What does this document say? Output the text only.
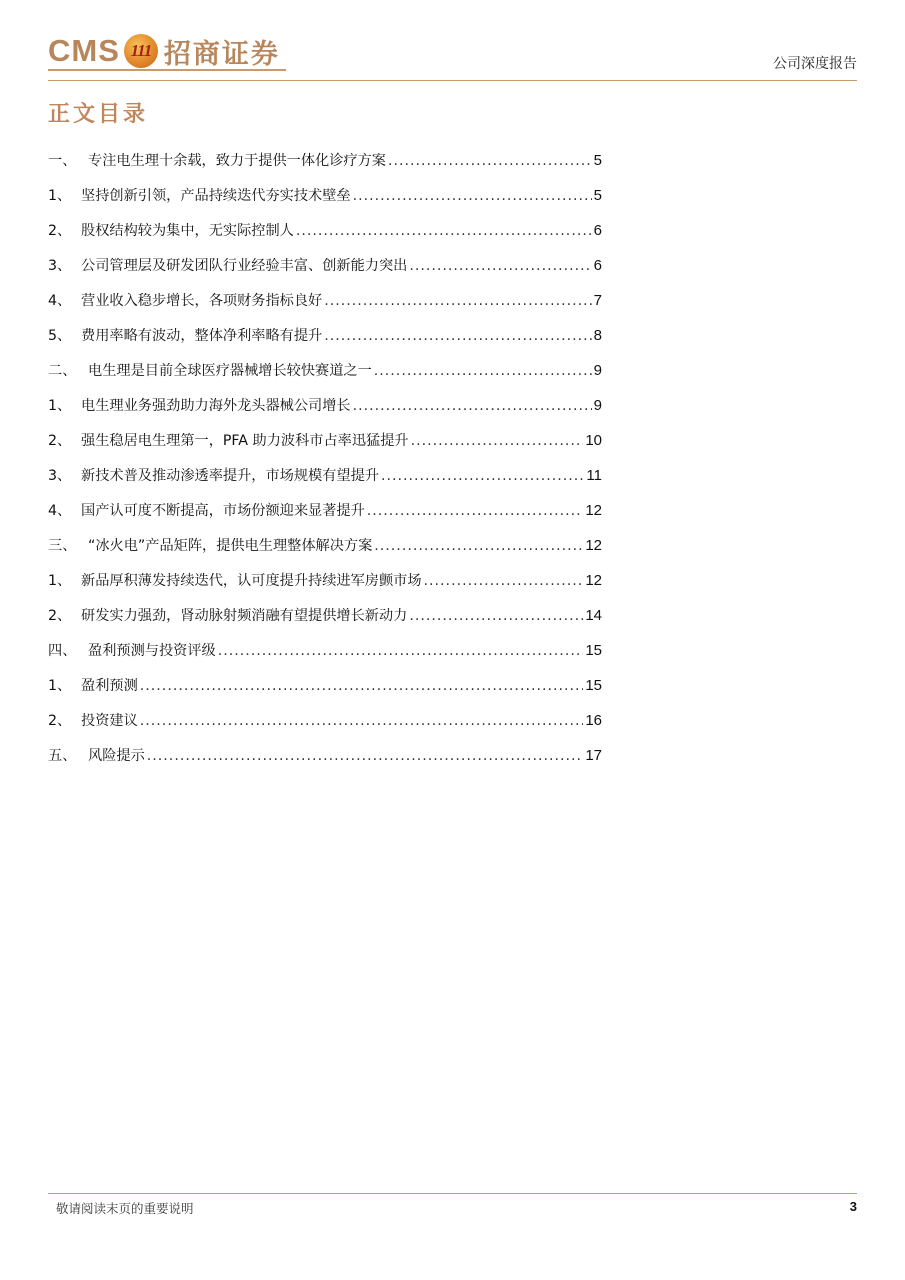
CMS 111 招商证券	公司深度报告
正文目录
一、 专注电生理十余载，致力于提供一体化诊疗方案 .....	5
1、 坚持创新引领，产品持续迭代夯实技术壁垒 .....	5
2、 股权结构较为集中，无实际控制人 .....	6
3、 公司管理层及研发团队行业经验丰富、创新能力突出 .....	6
4、 营业收入稳步增长，各项财务指标良好 .....	7
5、 费用率略有波动，整体净利率略有提升 .....	8
二、 电生理是目前全球医疗器械增长较快赛道之一 .....	9
1、 电生理业务强劲助力海外龙头器械公司增长 .....	9
2、 强生稳居电生理第一，PFA 助力波科市占率迅猛提升 .....	10
3、 新技术普及推动渗透率提升，市场规模有望提升 .....	11
4、 国产认可度不断提高，市场份额迎来显著提升 .....	12
三、 “冰火电”产品矩阵，提供电生理整体解决方案 .....	12
1、 新品厚积薄发持续迭代，认可度提升持续进军房颤市场 .....	12
2、 研发实力强劲，肾动脉射频消融有望提供增长新动力 .....	14
四、 盈利预测与投资评级 .....	15
1、 盈利预测 .....	15
2、 投资建议 .....	16
五、 风险提示 .....	17
敬请阅读末页的重要说明	3
